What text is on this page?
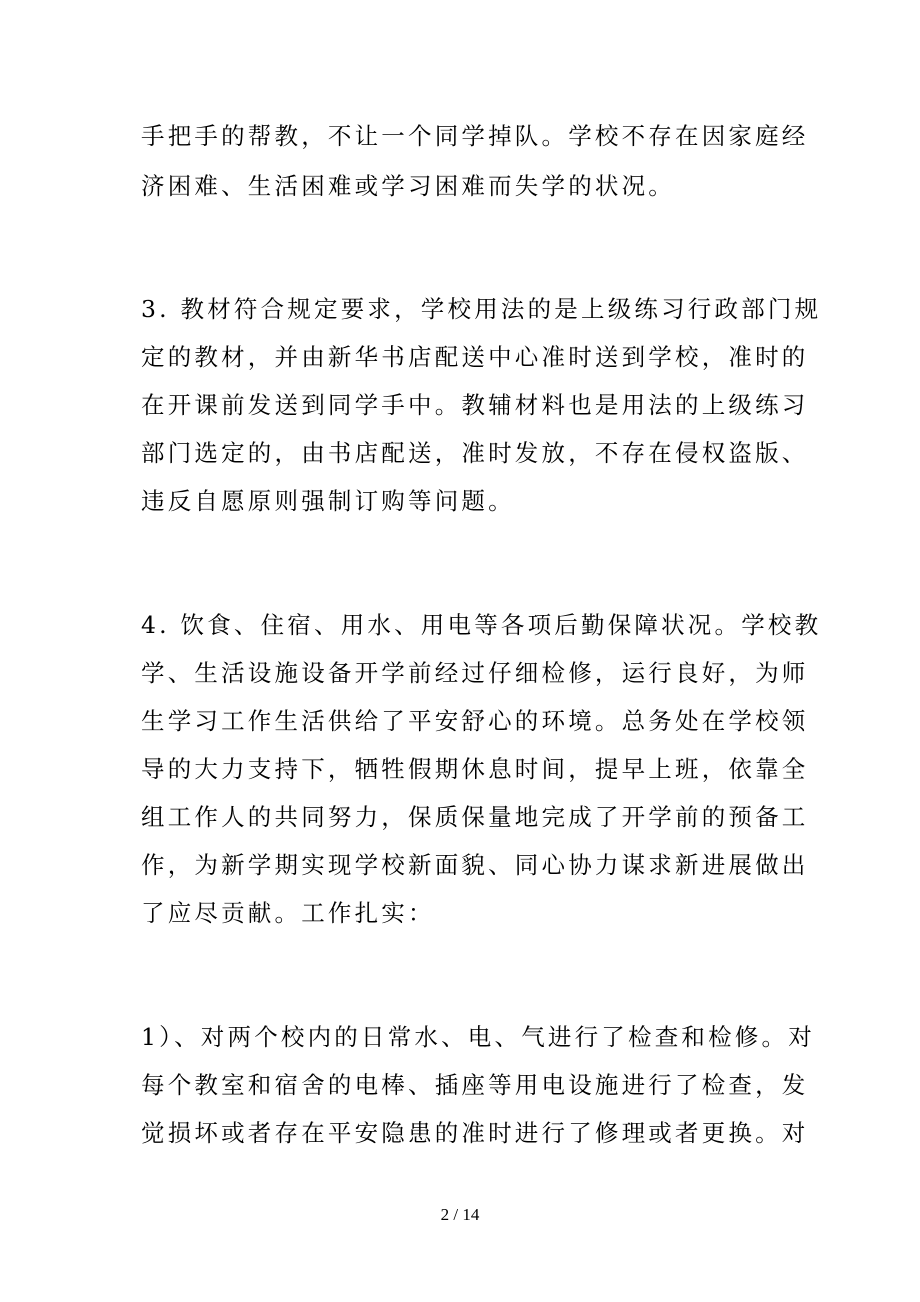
手把手的帮教，不让一个同学掉队。学校不存在因家庭经
济困难、生活困难或学习困难而失学的状况。
3. 教材符合规定要求，学校用法的是上级练习行政部门规
定的教材，并由新华书店配送中心准时送到学校，准时的
在开课前发送到同学手中。教辅材料也是用法的上级练习
部门选定的，由书店配送，准时发放，不存在侵权盗版、
违反自愿原则强制订购等问题。
4. 饮食、住宿、用水、用电等各项后勤保障状况。学校教
学、生活设施设备开学前经过仔细检修，运行良好，为师
生学习工作生活供给了平安舒心的环境。总务处在学校领
导的大力支持下，牺牲假期休息时间，提早上班，依靠全
组工作人的共同努力，保质保量地完成了开学前的预备工
作，为新学期实现学校新面貌、同心协力谋求新进展做出
了应尽贡献。工作扎实：
1）、对两个校内的日常水、电、气进行了检查和检修。对
每个教室和宿舍的电棒、插座等用电设施进行了检查，发
觉损坏或者存在平安隐患的准时进行了修理或者更换。对
2 / 14
